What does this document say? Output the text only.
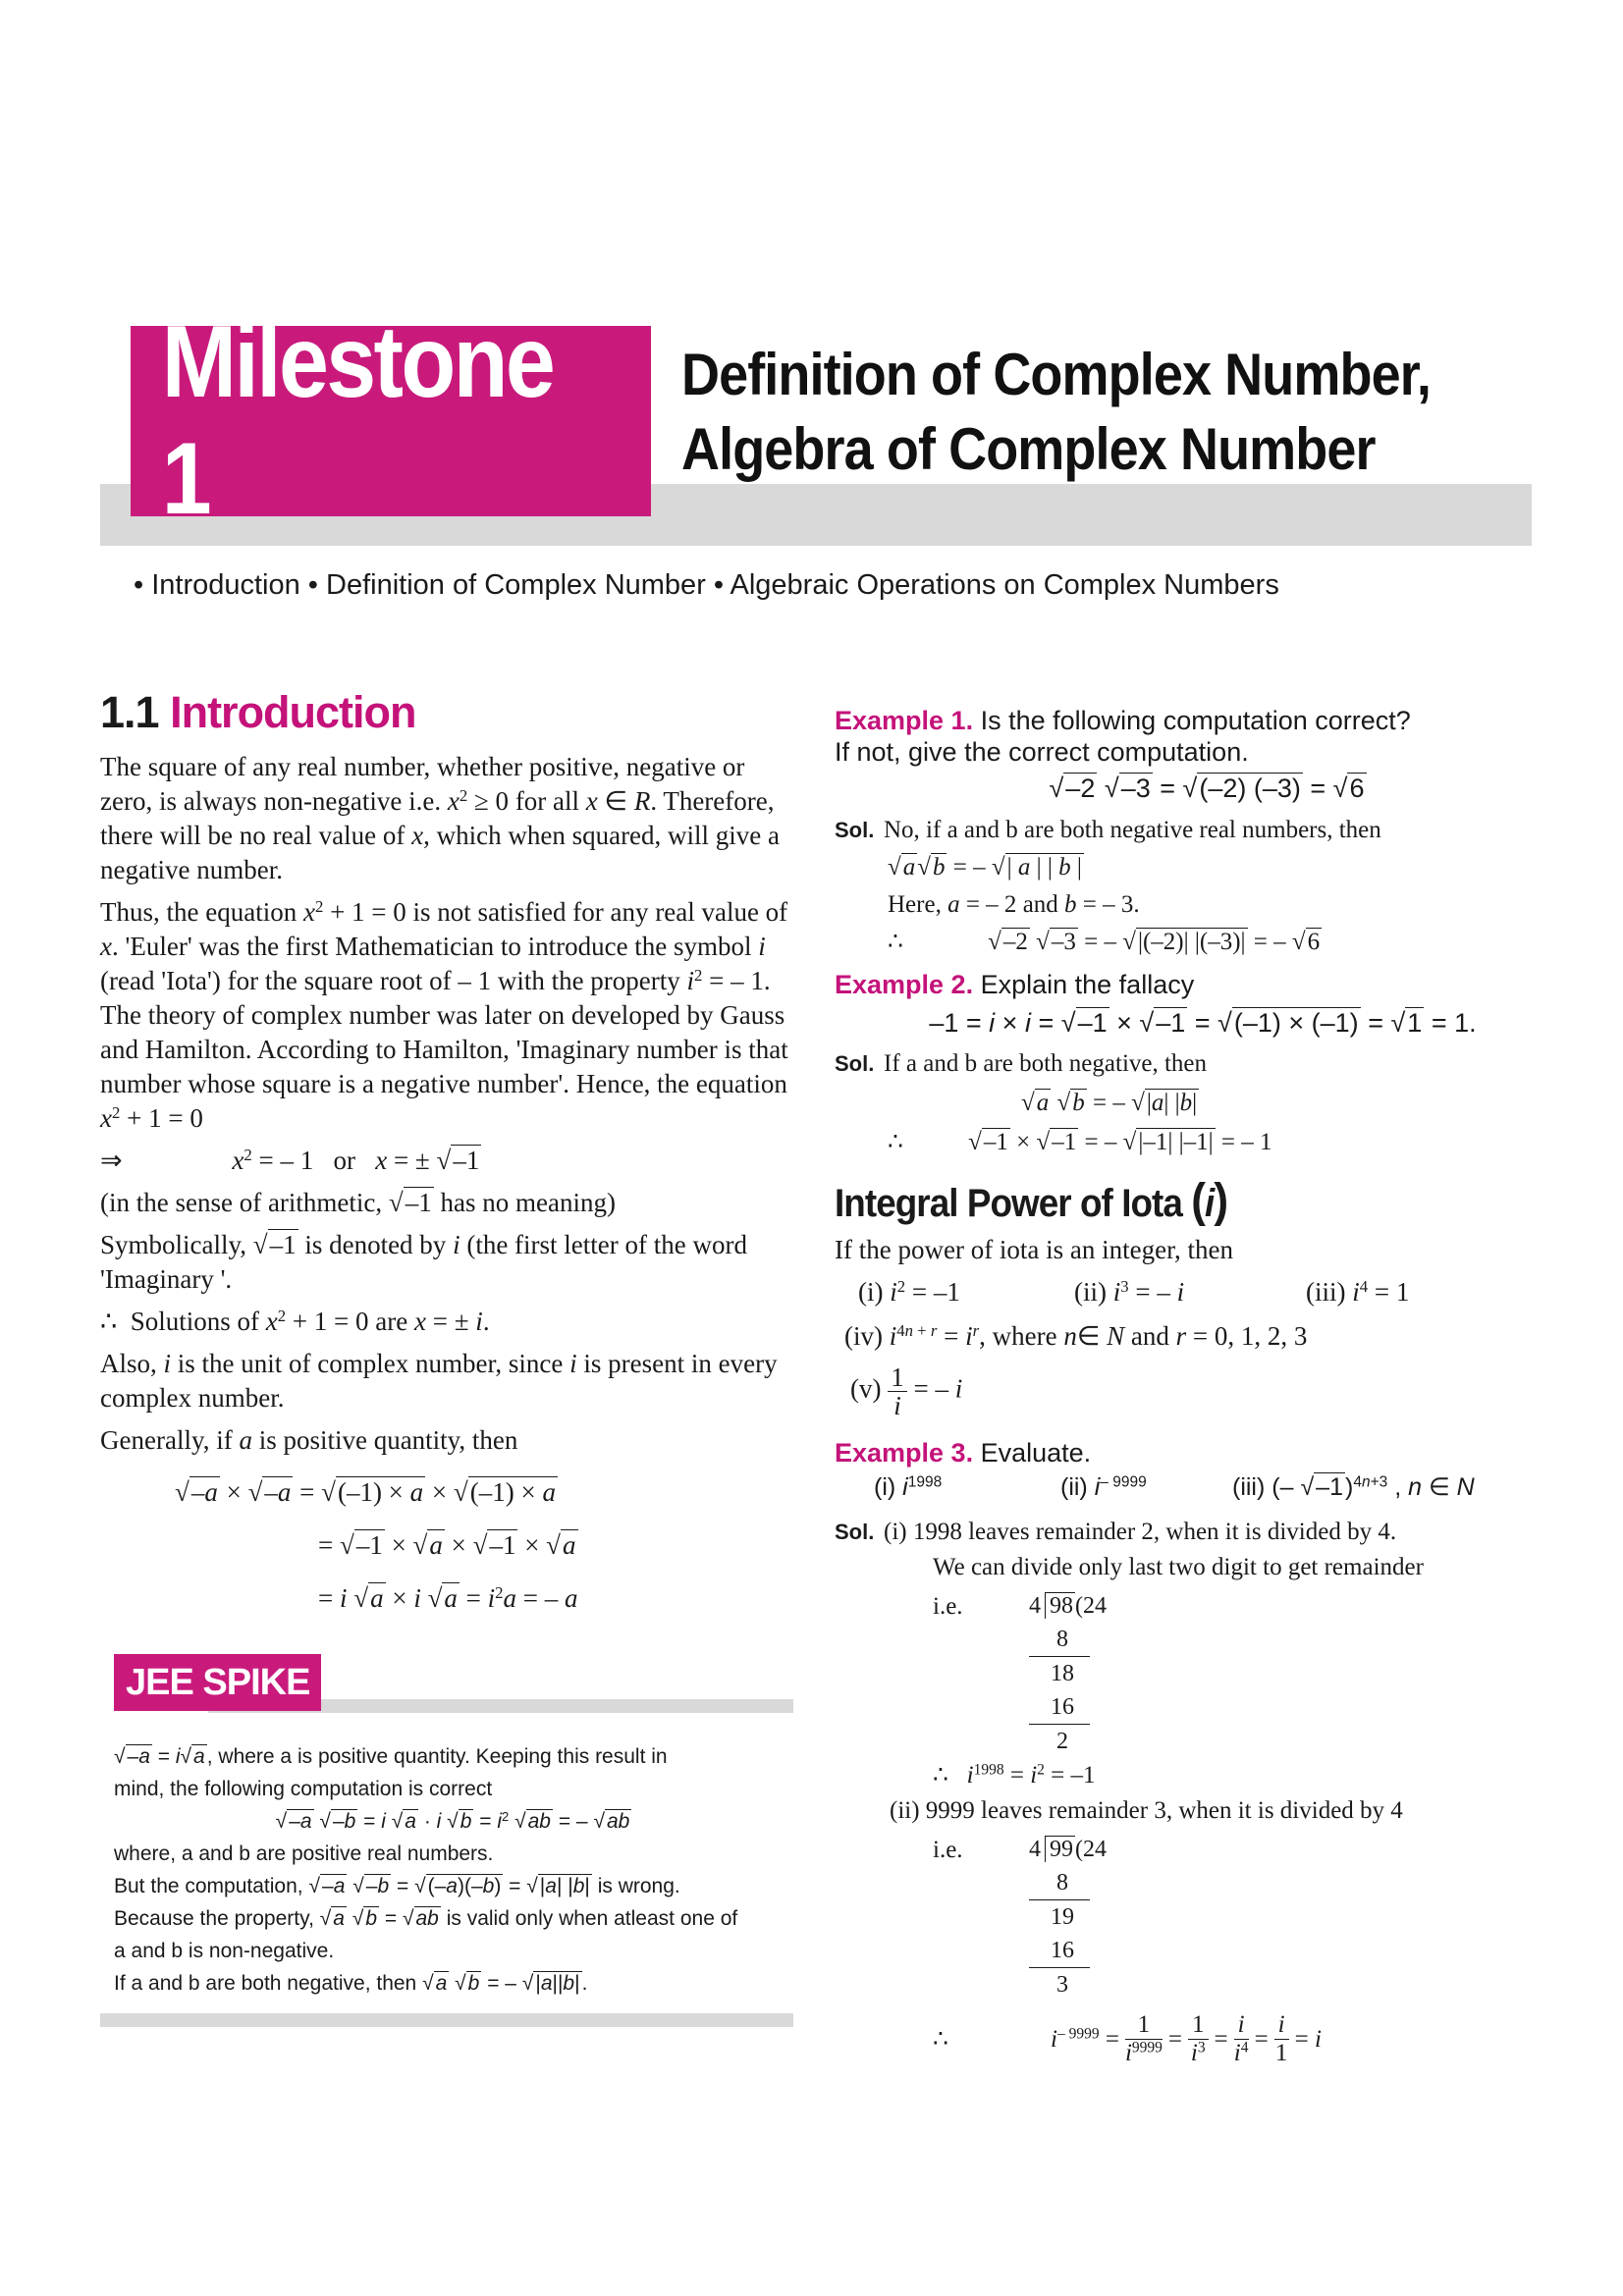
Milestone 1
Definition of Complex Number,
Algebra of Complex Number
• Introduction • Definition of Complex Number • Algebraic Operations on Complex Numbers
1.1 Introduction

The square of any real number, whether positive, negative or zero, is always non-negative i.e. $x^2 \ge 0$ for all x ∈ R. Therefore, there will be no real value of x, which when squared, will give a negative number.

Thus, the equation $x^2 + 1 = 0$ is not satisfied for any real value of x. 'Euler' was the first Mathematician to introduce the symbol i (read 'Iota') for the square root of – 1 with the property $i^2$ = – 1. The theory of complex number was later on developed by Gauss and Hamilton. According to Hamilton, 'Imaginary number is that number whose square is a negative number'. Hence, the equation
$x^2 + 1 = 0$

⇒	$x^2$ = – 1   or x = ± √–1

(in the sense of arithmetic, √–1 has no meaning)

Symbolically, √–1 is denoted by i (the first letter of the word 'Imaginary '.

∴  Solutions of $x^2 + 1 = 0$ are x = ± i.

Also, i is the unit of complex number, since i is present in every complex number.

Generally, if a is positive quantity, then

√–a × √–a = √(–1) × a × √(–1) × a
= √–1 × √a × √–1 × √a
= i √a × i $√a = i^2a$ = – a
JEE SPIKE
√–a = i√a, where a is positive quantity. Keeping this result in
mind, the following computation is correct
√–a √–b = i √a · i $√b = i^2$ √ab = – √ab
where, a and b are positive real numbers.
But the computation, √–a √–b = √(–a)(–b) = √|a| |b| is wrong.
Because the property, √a √b = √ab is valid only when atleast one of
a and b is non-negative.
If a and b are both negative, then √a √b = – √|a||b|.
Example 1. Is the following computation correct?
If not, give the correct computation.
√–2 √–3 = √(–2) (–3) = √6
Sol. No, if a and b are both negative real numbers, then
√a√b = – √| a | | b |
Here, a = – 2 and b = – 3.
∴	√–2 √–3 = – √|(–2)| |(–3)| = – √6
Example 2. Explain the fallacy
–1 = i × i = √–1 × √–1 = √(–1) × (–1) = √1 = 1.
Sol. If a and b are both negative, then
√a √b = – √|a| |b|
∴ √–1 × √–1 = – √|–1| |–1| = – 1
Integral Power of Iota (i)

If the power of iota is an integer, then

(i) $i^2 = -1$	(ii) $i^3$ = – i	(iii) $i^4 = 1$
(iv) $i^{4n + r} = i^r$, where n∈ N and r = 0, 1, 2, 3
$(v) \frac{1}{i}$ = – i
Example 3. Evaluate.
(i) $i^{1998}$	(ii) $i^{- 9999}$	(iii) (– √–1)$^{4n+3}$ , n ∈ N
Sol. (i) 1998 leaves remainder 2, when it is divided by 4.
We can divide only last two digit to get remainder
i.e.	4 98(24
8
18
16
2
∴   $i^{1998} = i^2 = -1$
(ii) 9999 leaves remainder 3, when it is divided by 4
i.e.	4 99(24
8
19
16
3
∴	$i^{- 9999} = \frac{1}{i^{9999}} = \frac{1}{i^3} = \frac{i}{i^4} = \frac{i}{1} = i$
